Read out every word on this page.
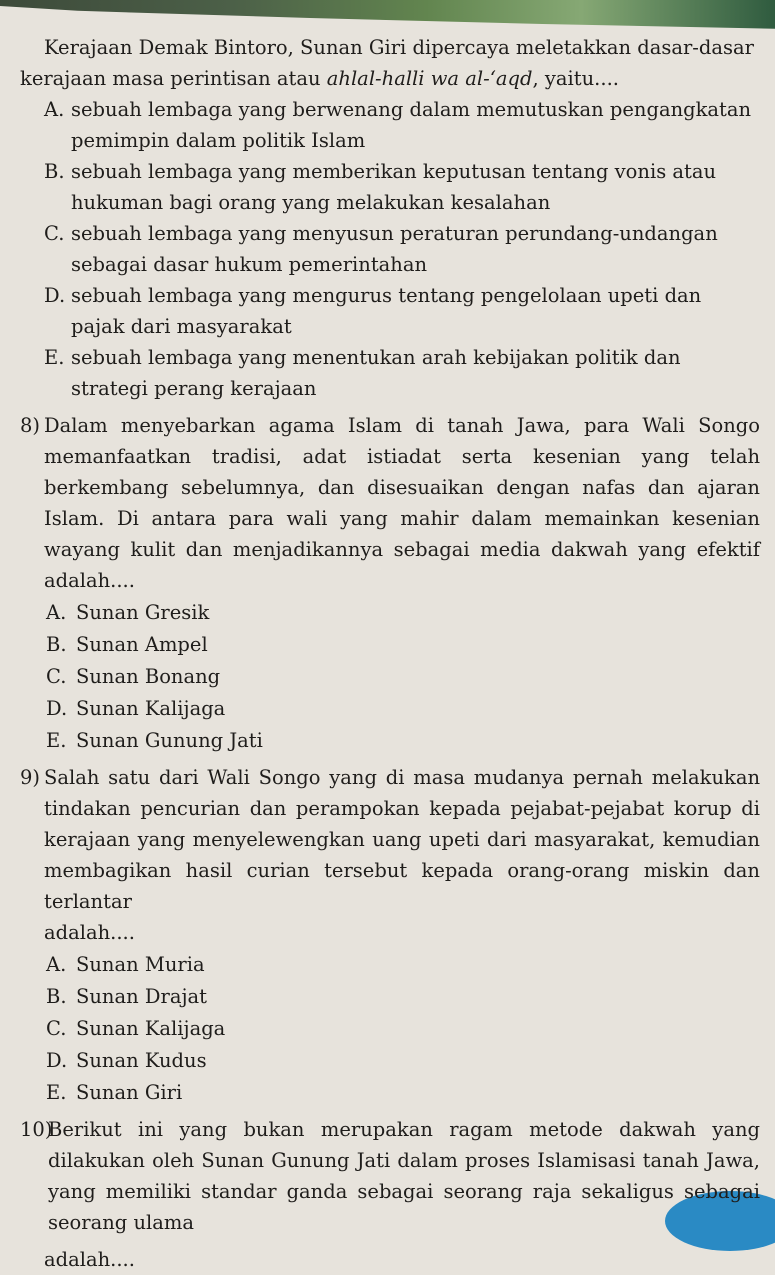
Kerajaan Demak Bintoro, Sunan Giri dipercaya meletakkan dasar-dasar
kerajaan masa perintisan atau ahlal-halli wa al-‘aqd, yaitu....
A. sebuah lembaga yang berwenang dalam memutuskan pengangkatan pemimpin dalam politik Islam
B. sebuah lembaga yang memberikan keputusan tentang vonis atau hukuman bagi orang yang melakukan kesalahan
C. sebuah lembaga yang menyusun peraturan perundang-undangan sebagai dasar hukum pemerintahan
D. sebuah lembaga yang mengurus tentang pengelolaan upeti dan pajak dari masyarakat
E. sebuah lembaga yang menentukan arah kebijakan politik dan strategi perang kerajaan
8) Dalam menyebarkan agama Islam di tanah Jawa, para Wali Songo memanfaatkan tradisi, adat istiadat serta kesenian yang telah berkembang sebelumnya, dan disesuaikan dengan nafas dan ajaran Islam. Di antara para wali yang mahir dalam memainkan kesenian wayang kulit dan menjadikannya sebagai media dakwah yang efektif adalah....
A. Sunan Gresik
B. Sunan Ampel
C. Sunan Bonang
D. Sunan Kalijaga
E. Sunan Gunung Jati
9) Salah satu dari Wali Songo yang di masa mudanya pernah melakukan tindakan pencurian dan perampokan kepada pejabat-pejabat korup di kerajaan yang menyelewengkan uang upeti dari masyarakat, kemudian membagikan hasil curian tersebut kepada orang-orang miskin dan terlantar
adalah....
A. Sunan Muria
B. Sunan Drajat
C. Sunan Kalijaga
D. Sunan Kudus
E. Sunan Giri
10)
Berikut ini yang bukan merupakan ragam metode dakwah yang dilakukan oleh Sunan Gunung Jati dalam proses Islamisasi tanah Jawa, yang memiliki standar ganda sebagai seorang raja sekaligus sebagai seorang ulama
adalah....
